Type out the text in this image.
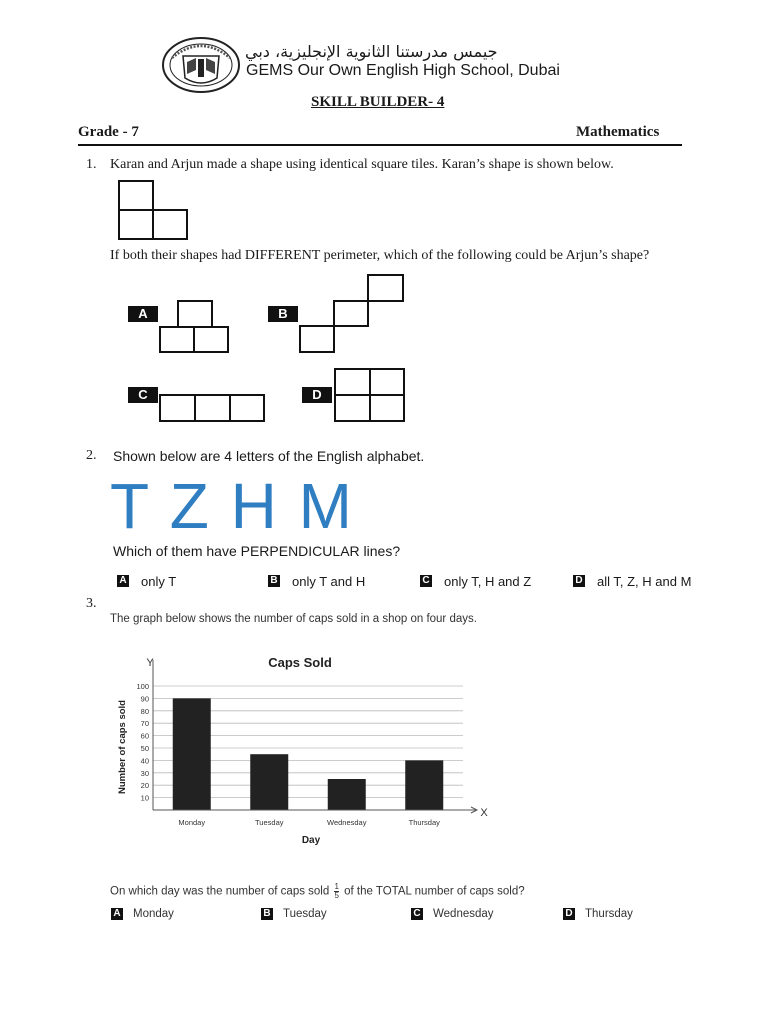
جيمس مدرستنا الثانوية الإنجليزية، دبي
GEMS Our Own English High School, Dubai
SKILL BUILDER- 4
Grade - 7	Mathematics
1. Karan and Arjun made a shape using identical square tiles. Karan’s shape is shown below.
If both their shapes had DIFFERENT perimeter, which of the following could be Arjun’s shape?
A	B
C	D
2. Shown below are 4 letters of the English alphabet.
T Z H M
Which of them have PERPENDICULAR lines?
A only T	B only T and H	C only T, H and Z	D all T, Z, H and M
3.
The graph below shows the number of caps sold in a shop on four days.
10
20
30
40
50
60
70
80
90
100
Monday	Tuesday	Wednesday	Thursday
Caps Sold
Y
X
Day
Number of caps sold
On which day was the number of caps sold $\frac{1}{5}$ of the TOTAL number of caps sold?
A Monday	B Tuesday	C Wednesday	D Thursday
